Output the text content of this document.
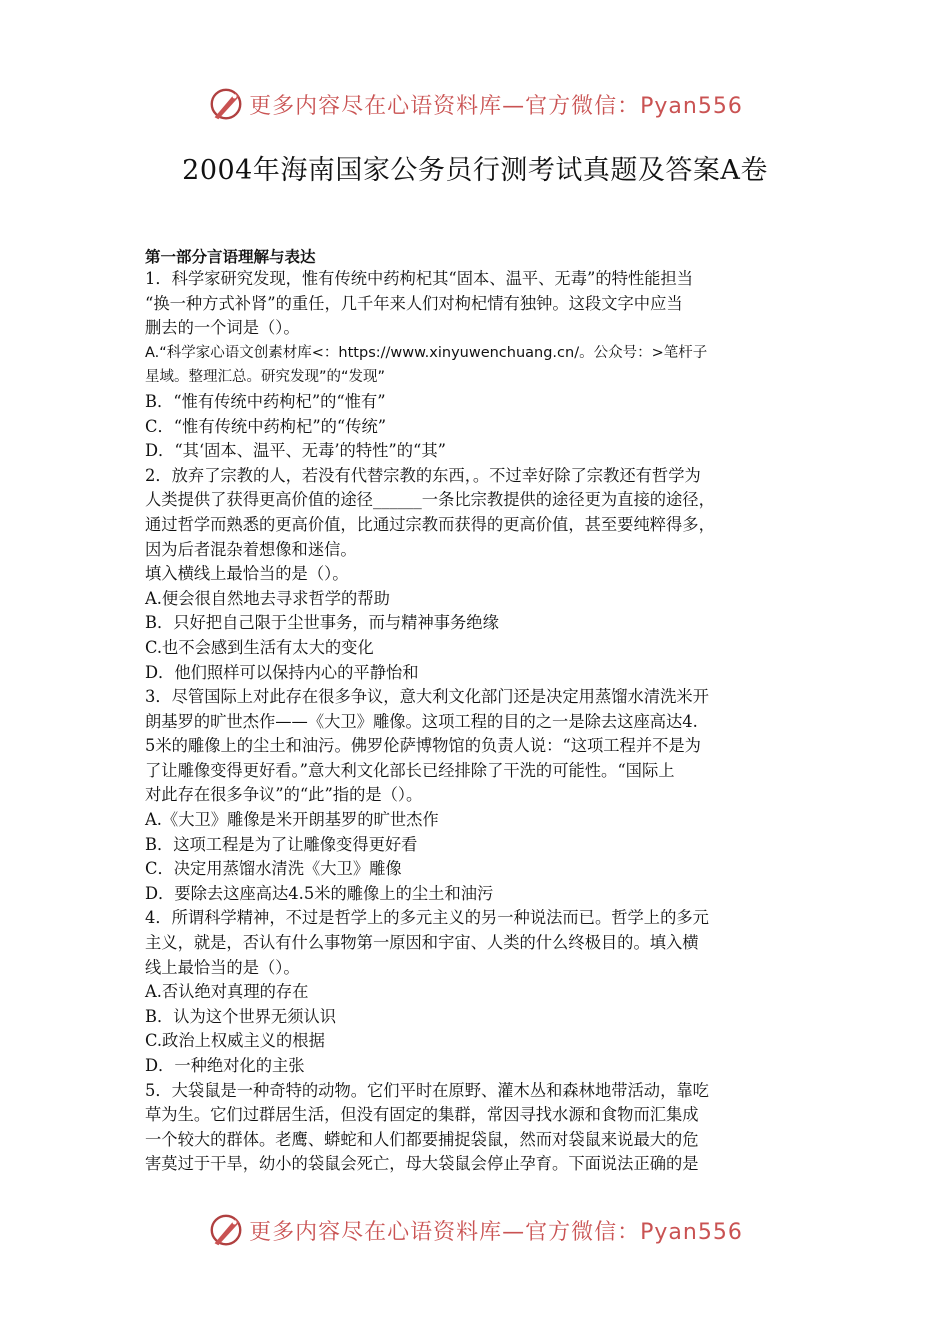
更多内容尽在心语资料库—官方微信：Pyan556
2004年海南国家公务员行测考试真题及答案A卷

第一部分言语理解与表达

1．科学家研究发现，惟有传统中药枸杞其“固本、温平、无毒”的特性能担当

“换一种方式补肾”的重任，几千年来人们对枸杞情有独钟。这段文字中应当

删去的一个词是（）。

A.“科学家心语文创素材库<：https://www.xinyuwenchuang.cn/。公众号：>笔杆子

星域。整理汇总。研究发现”的“发现”

B．“惟有传统中药枸杞”的“惟有”

C．“惟有传统中药枸杞”的“传统”

D．“其‘固本、温平、无毒’的特性”的“其”

2．放弃了宗教的人，若没有代替宗教的东西，。不过幸好除了宗教还有哲学为

人类提供了获得更高价值的途径______一条比宗教提供的途径更为直接的途径，

通过哲学而熟悉的更高价值，比通过宗教而获得的更高价值，甚至要纯粹得多，

因为后者混杂着想像和迷信。

填入横线上最恰当的是（）。

A.便会很自然地去寻求哲学的帮助

B．只好把自己限于尘世事务，而与精神事务绝缘

C.也不会感到生活有太大的变化

D．他们照样可以保持内心的平静怡和

3．尽管国际上对此存在很多争议，意大利文化部门还是决定用蒸馏水清洗米开

朗基罗的旷世杰作——《大卫》雕像。这项工程的目的之一是除去这座高达4.

5米的雕像上的尘土和油污。佛罗伦萨博物馆的负责人说：“这项工程并不是为

了让雕像变得更好看。”意大利文化部长已经排除了干洗的可能性。“国际上

对此存在很多争议”的“此”指的是（）。

A.《大卫》雕像是米开朗基罗的旷世杰作

B．这项工程是为了让雕像变得更好看

C．决定用蒸馏水清洗《大卫》雕像

D．要除去这座高达4.5米的雕像上的尘土和油污

4．所谓科学精神，不过是哲学上的多元主义的另一种说法而已。哲学上的多元

主义，就是，否认有什么事物第一原因和宇宙、人类的什么终极目的。填入横

线上最恰当的是（）。

A.否认绝对真理的存在

B．认为这个世界无须认识

C.政治上权威主义的根据

D．一种绝对化的主张

5．大袋鼠是一种奇特的动物。它们平时在原野、灌木丛和森林地带活动，靠吃

草为生。它们过群居生活，但没有固定的集群，常因寻找水源和食物而汇集成

一个较大的群体。老鹰、蟒蛇和人们都要捕捉袋鼠，然而对袋鼠来说最大的危

害莫过于干旱，幼小的袋鼠会死亡，母大袋鼠会停止孕育。下面说法正确的是

更多内容尽在心语资料库—官方微信：Pyan556
